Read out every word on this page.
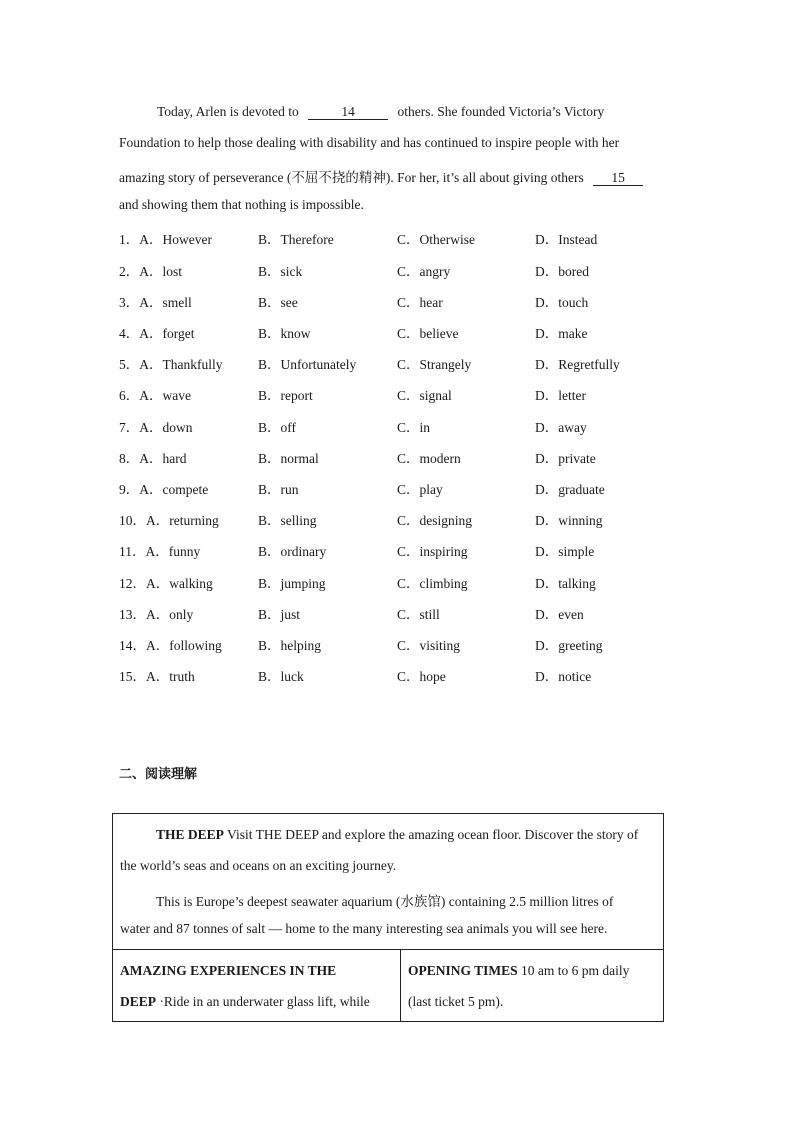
Today, Arlen is devoted to	14	others. She founded Victoria’s Victory
Foundation to help those dealing with disability and has continued to inspire people with her
amazing story of perseverance (不屈不挠的精神). For her, it’s all about giving others 15
and showing them that nothing is impossible.
1．A．However	B．Therefore	C．Otherwise	D．Instead
2．A．lost	B．sick	C．angry	D．bored
3．A．smell	B．see	C．hear	D．touch
4．A．forget	B．know	C．believe	D．make
5．A．Thankfully	B．Unfortunately	C．Strangely	D．Regretfully
6．A．wave	B．report	C．signal	D．letter
7．A．down	B．off	C．in	D．away
8．A．hard	B．normal	C．modern	D．private
9．A．compete	B．run	C．play	D．graduate
10．A．returning	B．selling	C．designing	D．winning
11．A．funny	B．ordinary	C．inspiring	D．simple
12．A．walking	B．jumping	C．climbing	D．talking
13．A．only	B．just	C．still	D．even
14．A．following	B．helping	C．visiting	D．greeting
15．A．truth	B．luck	C．hope	D．notice
二、阅读理解
THE DEEP Visit THE DEEP and explore the amazing ocean floor. Discover the story of
the world’s seas and oceans on an exciting journey.
This is Europe’s deepest seawater aquarium (水族馆) containing 2.5 million litres of
water and 87 tonnes of salt — home to the many interesting sea animals you will see here.
AMAZING EXPERIENCES IN THE
DEEP ·Ride in an underwater glass lift, while
OPENING TIMES 10 am to 6 pm daily
(last ticket 5 pm).
